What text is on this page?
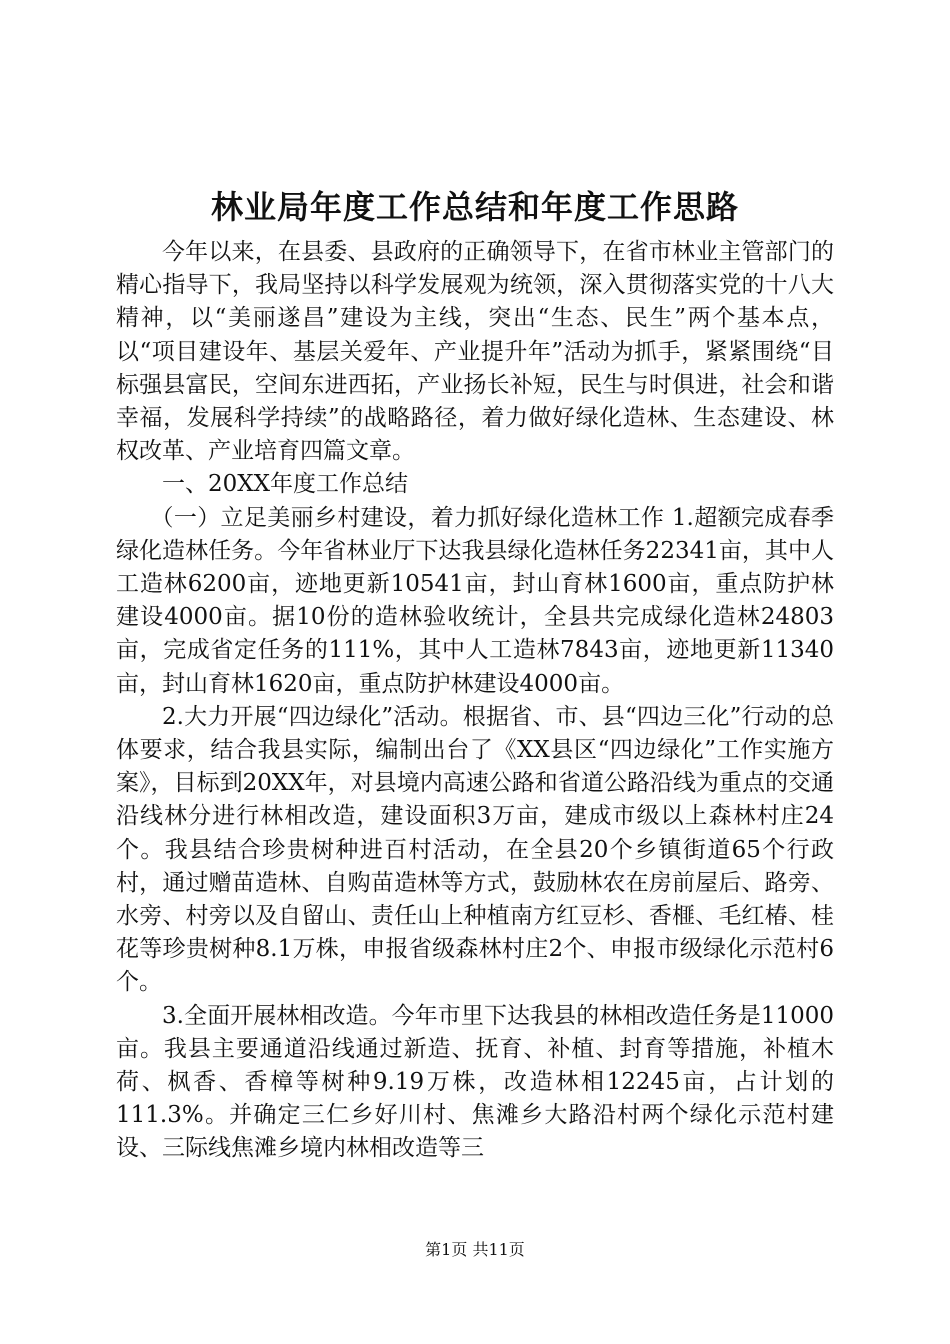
林业局年度工作总结和年度工作思路

今年以来，在县委、县政府的正确领导下，在省市林业主管部门的精心指导下，我局坚持以科学发展观为统领，深入贯彻落实党的十八大精神，以“美丽遂昌”建设为主线，突出“生态、民生”两个基本点，以“项目建设年、基层关爱年、产业提升年”活动为抓手，紧紧围绕“目标强县富民，空间东进西拓，产业扬长补短，民生与时俱进，社会和谐幸福，发展科学持续”的战略路径，着力做好绿化造林、生态建设、林权改革、产业培育四篇文章。

一、20XX年度工作总结

（一）立足美丽乡村建设，着力抓好绿化造林工作 1.超额完成春季绿化造林任务。今年省林业厅下达我县绿化造林任务22341亩，其中人工造林6200亩，迹地更新10541亩，封山育林1600亩，重点防护林建设4000亩。据10份的造林验收统计，全县共完成绿化造林24803亩，完成省定任务的111%，其中人工造林7843亩，迹地更新11340亩，封山育林1620亩，重点防护林建设4000亩。

2.大力开展“四边绿化”活动。根据省、市、县“四边三化”行动的总体要求，结合我县实际，编制出台了《XX县区“四边绿化”工作实施方案》，目标到20XX年，对县境内高速公路和省道公路沿线为重点的交通沿线林分进行林相改造，建设面积3万亩，建成市级以上森林村庄24个。我县结合珍贵树种进百村活动，在全县20个乡镇街道65个行政村，通过赠苗造林、自购苗造林等方式，鼓励林农在房前屋后、路旁、水旁、村旁以及自留山、责任山上种植南方红豆杉、香榧、毛红椿、桂花等珍贵树种8.1万株，申报省级森林村庄2个、申报市级绿化示范村6个。

3.全面开展林相改造。今年市里下达我县的林相改造任务是11000亩。我县主要通道沿线通过新造、抚育、补植、封育等措施，补植木荷、枫香、香樟等树种9.19万株，改造林相12245亩，占计划的111.3%。并确定三仁乡好川村、焦滩乡大路沿村两个绿化示范村建设、三际线焦滩乡境内林相改造等三

第1页 共11页
